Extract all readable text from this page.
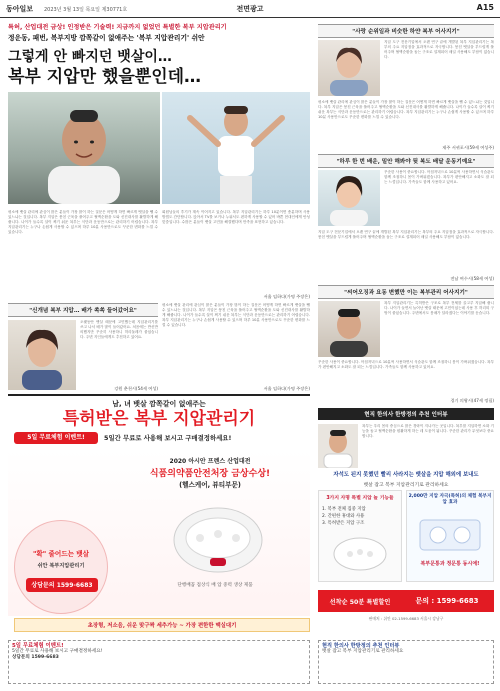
동아일보 2023년 3월 13일 목요일 제30771호	전면광고	A15
특허, 산업대전 금상! 인정받은 기술력! 지금까지 없었던 특별한 복부 지압관리기
정운동, 패번, 복부지방 깜쪽같이 없애주는 '복부 지압관리기' 쉬안
그렇게 안 빠지던 뱃살이…
복부 지압만 했을뿐인데…
평소에 뱃살 관리에 관심이 많은 분들이 가장 많이 하는 질문은 어떻게 하면 빠르게 뱃살을 뺄 수 있느냐는 것입니다. 복부 지압은 뭉친 근육을 풀어주고 혈액순환을 도와 신진대사를 활발하게 해줍니다. 나이가 들수록 살이 찌기 쉬운 복부는 식단과 운동만으로는 관리하기 어렵습니다. 복부 지압관리기는 누구나 손쉽게 사용할 수 있으며 하루 10분 사용만으로도 꾸준한 변화를 느낄 수 있습니다.
회원님들의 후기가 계속 이어지고 있습니다. 복부 지압관리기는 하루 10분이면 충분하며 사용 방법도 간단합니다. 앉아서 TV를 보거나 누워서도 편하게 사용할 수 있어 바쁜 현대인에게 안성맞춤입니다. 수많은 분들이 뱃살 고민을 해결했다며 만족을 표현하고 있습니다.
서울 임하다(가명 주장은)
"신개념 복부 지압… 배가 쏙쏙 들어갔어요"
오랫동안 뱃살 때문에 고민했는데 지압관리기를 쓰고 나서 배가 많이 들어갔어요. 처음에는 반신반의했지만 꾸준히 사용하니 허리둘레가 줄었습니다. 주변 지인들에게도 추천하고 있어요.
강원 춘천시(54세 여성)
평소에 뱃살 관리에 관심이 많은 분들이 가장 많이 하는 질문은 어떻게 하면 빠르게 뱃살을 뺄 수 있느냐는 것입니다. 복부 지압은 뭉친 근육을 풀어주고 혈액순환을 도와 신진대사를 활발하게 해줍니다. 나이가 들수록 살이 찌기 쉬운 복부는 식단과 운동만으로는 관리하기 어렵습니다. 복부 지압관리기는 누구나 손쉽게 사용할 수 있으며 하루 10분 사용만으로도 꾸준한 변화를 느낄 수 있습니다.
서울 임하다(가명 주장은)
남, 녀 뱃살 깜쪽같이 없애주는
특허받은 복부 지압관리기
5일 무료체험 이벤트!	5일간 무료로 사용해 보시고 구매결정하세요!
2020 아시안 프렌스 산업대전
식품의약품안전처장 금상수상!
(헬스케어, 뷰티부문)
"확" 줄어드는 뱃살
쉬안 복부지압관리기
상담문의 1599-6683	단행배꼽 접상식 배 압 중력 생상 제품
초장형, 저소음, 쉬운 맞구짝 세추가능 ~ 가장 편한한 맥실대기
"사랑 순위일과 비슷한 하얀 복부 어사지기"
지압 도구 전문기업에서 오랜 연구 끝에 개발된 복부 지압관리기는 복부의 주요 지압점을 효과적으로 자극합니다. 뭉친 뱃살을 부드럽게 풀어주며 혈액순환을 돕는 구조로 설계되어 매일 사용해도 부담이 없습니다.
평소에 뱃살 관리에 관심이 많은 분들이 가장 많이 하는 질문은 어떻게 하면 빠르게 뱃살을 뺄 수 있느냐는 것입니다. 복부 지압은 뭉친 근육을 풀어주고 혈액순환을 도와 신진대사를 활발하게 해줍니다. 나이가 들수록 살이 찌기 쉬운 복부는 식단과 운동만으로는 관리하기 어렵습니다. 복부 지압관리기는 누구나 손쉽게 사용할 수 있으며 하루 10분 사용만으로도 꾸준한 변화를 느낄 수 있습니다.
제주 서귀포시(59세 여성주)
"하루 한 번 배운, 밑안 해봐야 뒷 복도 배달 운동기예요"
꾸준한 사용이 중요합니다. 아침저녁으로 10분씩 사용하면서 식습관도 함께 조절하니 몸이 가벼워졌습니다. 복부가 편안해지고 소화도 잘 되는 느낌입니다. 가족들도 함께 사용하고 있어요.
지압 도구 전문기업에서 오랜 연구 끝에 개발된 복부 지압관리기는 복부의 주요 지압점을 효과적으로 자극합니다. 뭉친 뱃살을 부드럽게 풀어주며 혈액순환을 돕는 구조로 설계되어 매일 사용해도 부담이 없습니다.
전남 여수시(58세 여성)
"씨어오징과 요동 변했만 이는 복부관리 어사지기"
복부 지압관리기는 특허받은 구조로 복부 전체를 골고루 지압해 줍니다. 나이가 들면서 늘어난 뱃살 때문에 고민이었는데 사용 후 허리띠 구멍이 줄었습니다. 주변에서도 몸매가 달라졌다는 이야기를 듣습니다.
꾸준한 사용이 중요합니다. 아침저녁으로 10분씩 사용하면서 식습관도 함께 조절하니 몸이 가벼워졌습니다. 복부가 편안해지고 소화도 잘 되는 느낌입니다. 가족들도 함께 사용하고 있어요.
경기 의왕시(47세 정필)
현직 한의사 한방정의 추천 인터뷰
복부는 우리 몸의 중심으로 많은 경락이 지나가는 곳입니다. 복부를 지압하면 소화 기능을 돕고 혈액순환을 원활하게 하는 데 도움이 됩니다. 꾸준한 관리가 무엇보다 중요합니다.
자석도 된지 못했던 빨리 사라지는 뱃살을 지압 해외에 보내도
뱃살 잡고 복부 지압관리기로 관리하세요
3가지 자명 특별 지압 놀 기능들
1. 복부 전체 집중 지압
2. 간편한 휴대와 사용
3. 특허받은 지압 구조
2,000만 지압 자극(특허)의 체험 복부지압 효과
복부문통과 정문통 동시에!
선착순 50분 특별할인	문의 : 1599-6683
판매처 : 쉬안 02-1599-6683 서울시 강남구
5일 무료체험 이벤트!
5일간 무료로 사용해 보시고 구매결정하세요!
상담문의 1599-6683
현직 한의사 한방정의 추천 인터뷰
뱃살 잡고 복부 지압관리기로 관리하세요
